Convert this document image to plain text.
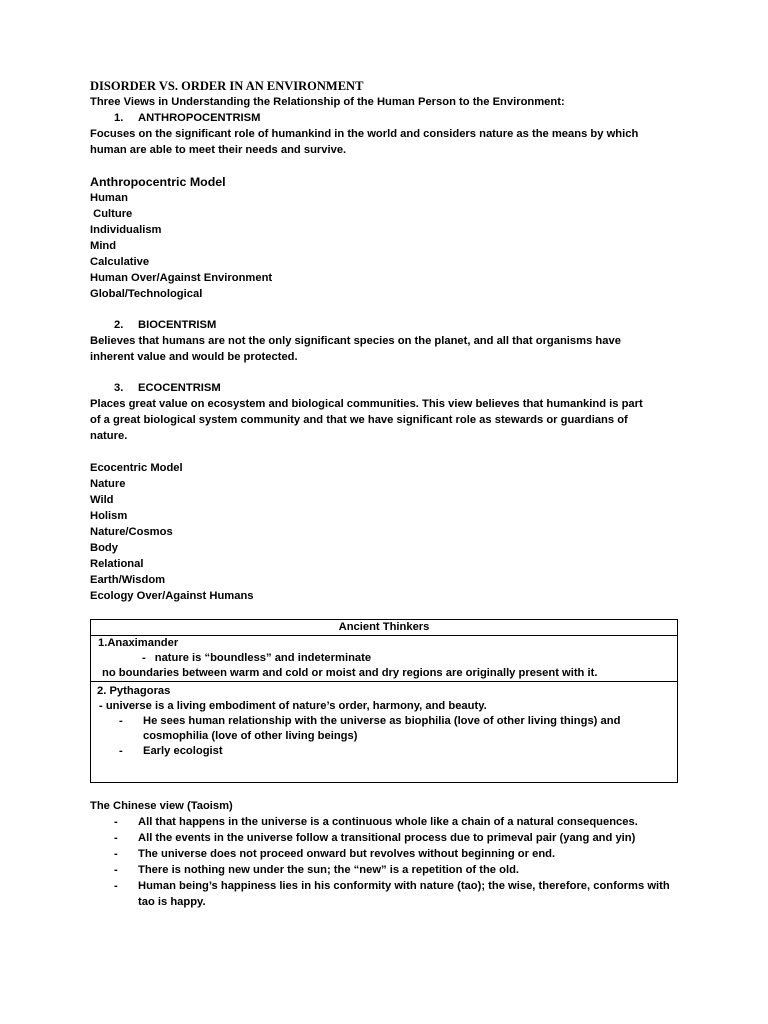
DISORDER VS. ORDER IN AN ENVIRONMENT
Three Views in Understanding the Relationship of the Human Person to the Environment:
1. ANTHROPOCENTRISM
Focuses on the significant role of humankind in the world and considers nature as the means by which
human are able to meet their needs and survive.
Anthropocentric Model
Human
Culture
Individualism
Mind
Calculative
Human Over/Against Environment
Global/Technological
2. BIOCENTRISM
Believes that humans are not the only significant species on the planet, and all that organisms have
inherent value and would be protected.
3. ECOCENTRISM
Places great value on ecosystem and biological communities. This view believes that humankind is part
of a great biological system community and that we have significant role as stewards or guardians of
nature.
Ecocentric Model
Nature
Wild
Holism
Nature/Cosmos
Body
Relational
Earth/Wisdom
Ecology Over/Against Humans
Ancient Thinkers

1.Anaximander
- nature is “boundless” and indeterminate
no boundaries between warm and cold or moist and dry regions are originally present with it.

2. Pythagoras
- universe is a living embodiment of nature’s order, harmony, and beauty.
-	He sees human relationship with the universe as biophilia (love of other living things) and cosmophilia (love of other living beings)
-	Early ecologist
The Chinese view (Taoism)
-	All that happens in the universe is a continuous whole like a chain of a natural consequences.
-	All the events in the universe follow a transitional process due to primeval pair (yang and yin)
-	The universe does not proceed onward but revolves without beginning or end.
-	There is nothing new under the sun; the “new” is a repetition of the old.
-	Human being’s happiness lies in his conformity with nature (tao); the wise, therefore, conforms with tao is happy.
